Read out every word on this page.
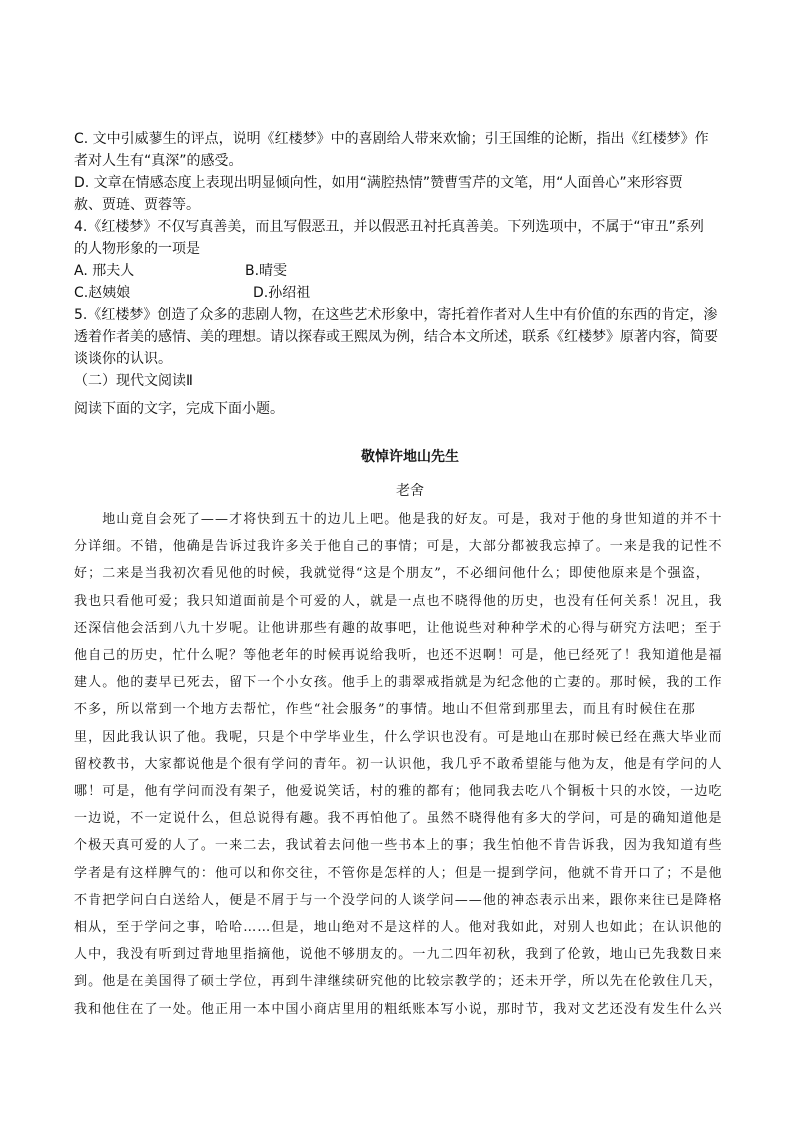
C. 文中引威蓼生的评点，说明《红楼梦》中的喜剧给人带来欢愉；引王国维的论断，指出《红楼梦》作

者对人生有“真深”的感受。

D. 文章在情感态度上表现出明显倾向性，如用“满腔热情”赞曹雪芹的文笔，用“人面兽心”来形容贾

赦、贾琏、贾蓉等。

4.《红楼梦》不仅写真善美，而且写假恶丑，并以假恶丑衬托真善美。下列选项中，不属于“审丑”系列

的人物形象的一项是

A. 邢夫人	B.晴雯
C.赵姨娘	D.孙绍祖

5.《红楼梦》创造了众多的悲剧人物，在这些艺术形象中，寄托着作者对人生中有价值的东西的肯定，渗

透着作者美的感情、美的理想。请以探春或王熙凤为例，结合本文所述，联系《红楼梦》原著内容，简要

谈谈你的认识。

（二）现代文阅读Ⅱ

阅读下面的文字，完成下面小题。

敬悼许地山先生

老舍

　　地山竟自会死了——才将快到五十的边儿上吧。他是我的好友。可是，我对于他的身世知道的并不十
分详细。不错，他确是告诉过我许多关于他自己的事情；可是，大部分都被我忘掉了。一来是我的记性不
好；二来是当我初次看见他的时候，我就觉得“这是个朋友”，不必细问他什么；即使他原来是个强盗，
我也只看他可爱；我只知道面前是个可爱的人，就是一点也不晓得他的历史，也没有任何关系！况且，我
还深信他会活到八九十岁呢。让他讲那些有趣的故事吧，让他说些对种种学术的心得与研究方法吧；至于
他自己的历史，忙什么呢？等他老年的时候再说给我听，也还不迟啊！可是，他已经死了！我知道他是福
建人。他的妻早已死去，留下一个小女孩。他手上的翡翠戒指就是为纪念他的亡妻的。那时候，我的工作
不多，所以常到一个地方去帮忙，作些“社会服务”的事情。地山不但常到那里去，而且有时候住在那
里，因此我认识了他。我呢，只是个中学毕业生，什么学识也没有。可是地山在那时候已经在燕大毕业而
留校教书，大家都说他是个很有学问的青年。初一认识他，我几乎不敢希望能与他为友，他是有学问的人
哪！可是，他有学问而没有架子，他爱说笑话，村的雅的都有；他同我去吃八个铜板十只的水饺，一边吃
一边说，不一定说什么，但总说得有趣。我不再怕他了。虽然不晓得他有多大的学问，可是的确知道他是
个极天真可爱的人了。一来二去，我试着去问他一些书本上的事；我生怕他不肯告诉我，因为我知道有些
学者是有这样脾气的：他可以和你交往，不管你是怎样的人；但是一提到学问，他就不肯开口了；不是他
不肯把学问白白送给人，便是不屑于与一个没学问的人谈学问——他的神态表示出来，跟你来往已是降格
相从，至于学问之事，哈哈……但是，地山绝对不是这样的人。他对我如此，对别人也如此；在认识他的
人中，我没有听到过背地里指摘他，说他不够朋友的。一九二四年初秋，我到了伦敦，地山已先我数日来
到。他是在美国得了硕士学位，再到牛津继续研究他的比较宗教学的；还未开学，所以先在伦敦住几天，
我和他住在了一处。他正用一本中国小商店里用的粗纸账本写小说，那时节，我对文艺还没有发生什么兴
